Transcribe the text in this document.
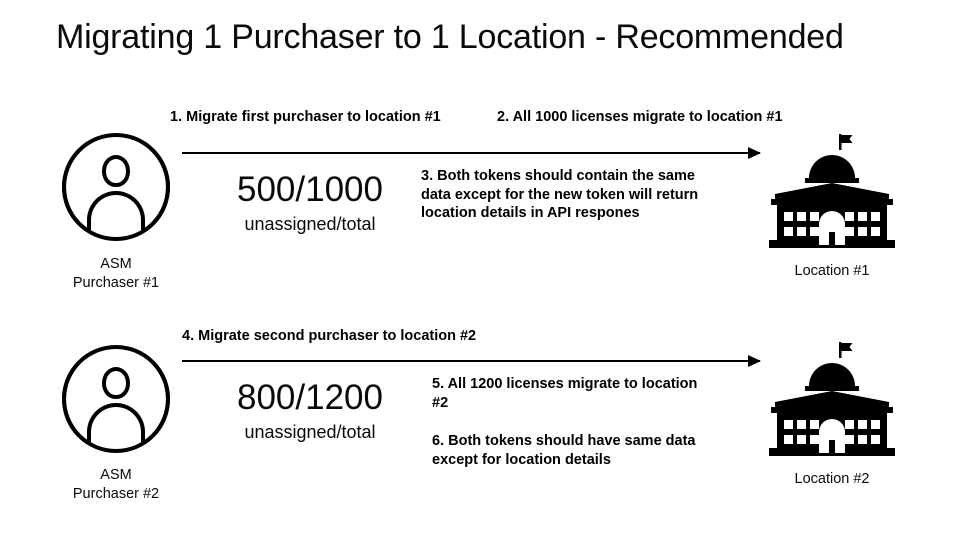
Migrating 1 Purchaser to 1 Location - Recommended
ASM
Purchaser #1
1. Migrate first purchaser to location #1	2. All 1000 licenses migrate to location #1
500/1000
unassigned/total
3. Both tokens should contain the same data except for the new token will return location details in API respones
Location #1
ASM
Purchaser #2
4. Migrate second purchaser to location #2
800/1200
unassigned/total
5. All 1200 licenses migrate to location #2
6. Both tokens should have same data except for location details
Location #2
